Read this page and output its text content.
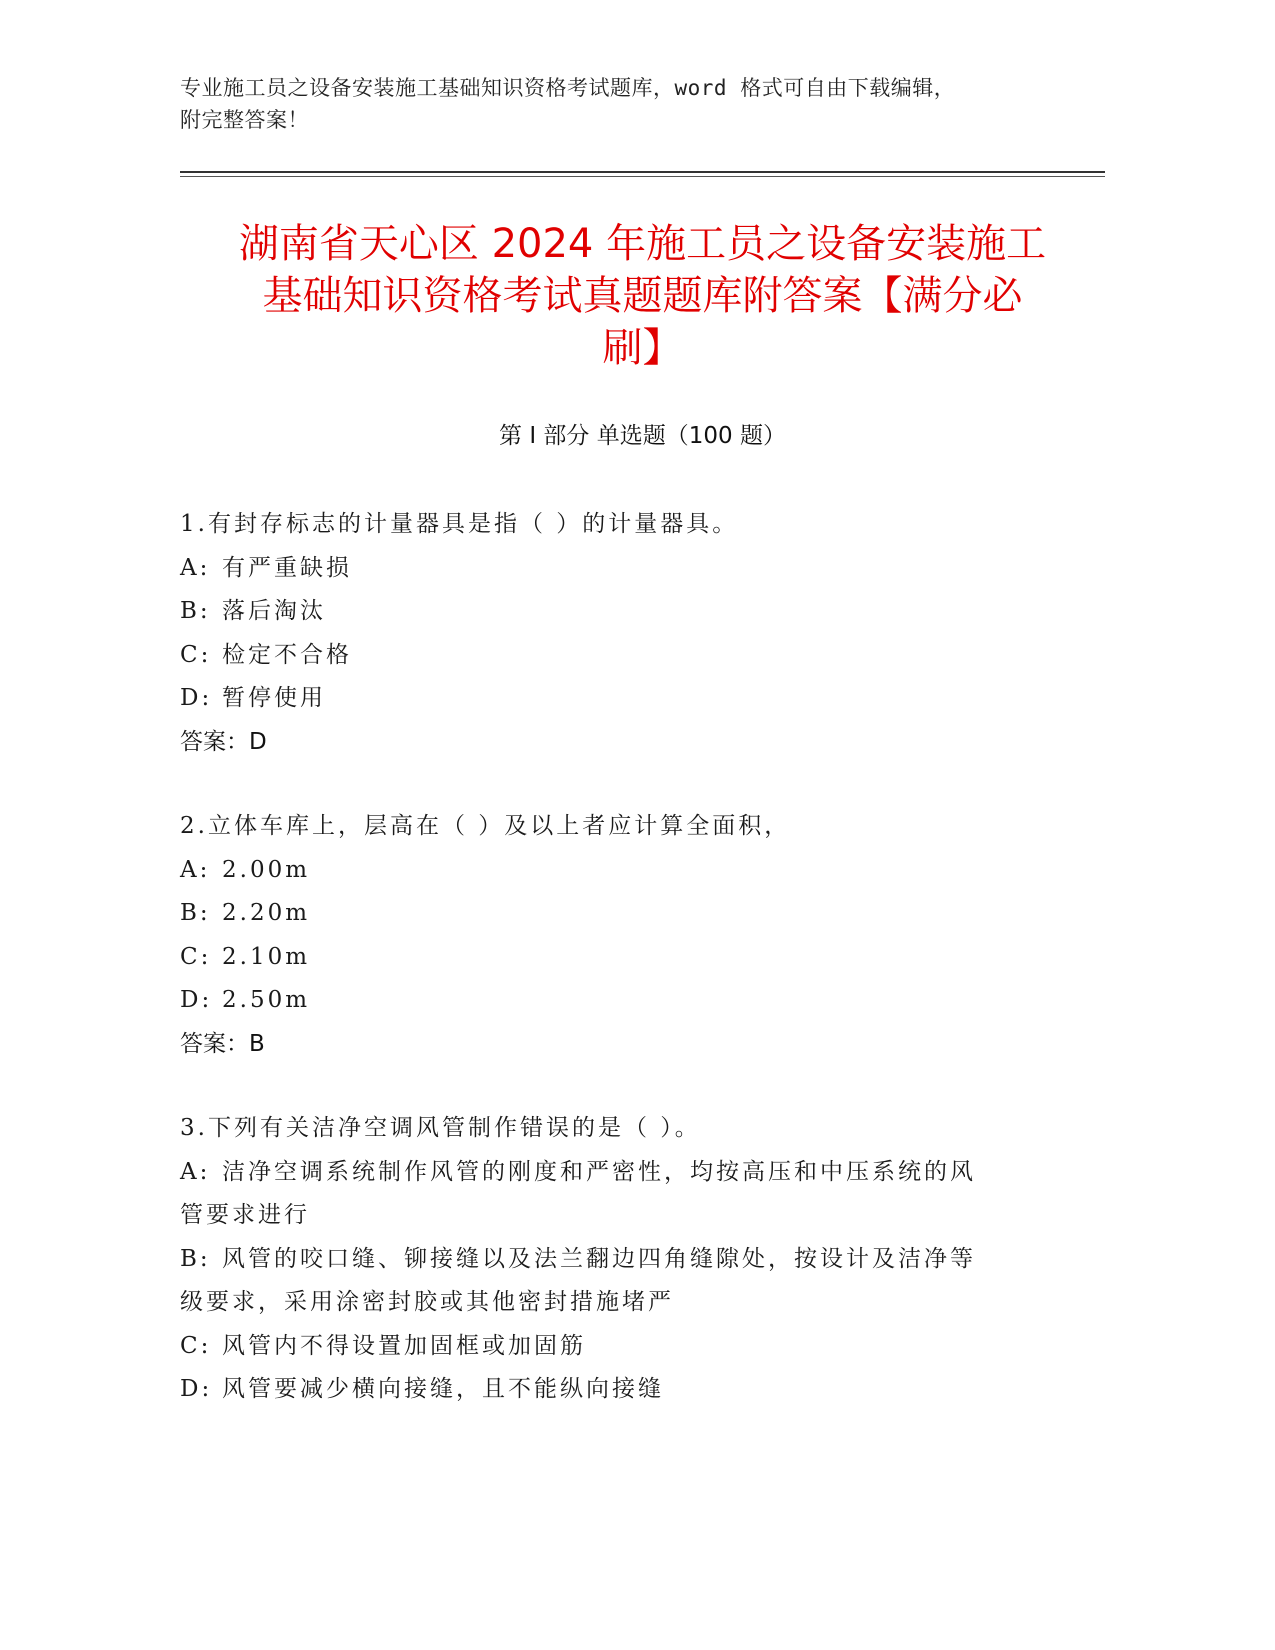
专业施工员之设备安装施工基础知识资格考试题库，word 格式可自由下载编辑，
附完整答案！
湖南省天心区 2024 年施工员之设备安装施工
基础知识资格考试真题题库附答案【满分必
刷】
第 I 部分 单选题（100 题）

1.有封存标志的计量器具是指（ ）的计量器具。

A: 有严重缺损

B: 落后淘汰

C: 检定不合格

D: 暂停使用

答案：D

2.立体车库上，层高在（ ）及以上者应计算全面积，

A: 2.00m

B: 2.20m

C: 2.10m

D: 2.50m

答案：B

3.下列有关洁净空调风管制作错误的是（ ）。

A: 洁净空调系统制作风管的刚度和严密性，均按高压和中压系统的风

管要求进行

B: 风管的咬口缝、铆接缝以及法兰翻边四角缝隙处，按设计及洁净等

级要求，采用涂密封胶或其他密封措施堵严

C: 风管内不得设置加固框或加固筋

D: 风管要减少横向接缝，且不能纵向接缝
